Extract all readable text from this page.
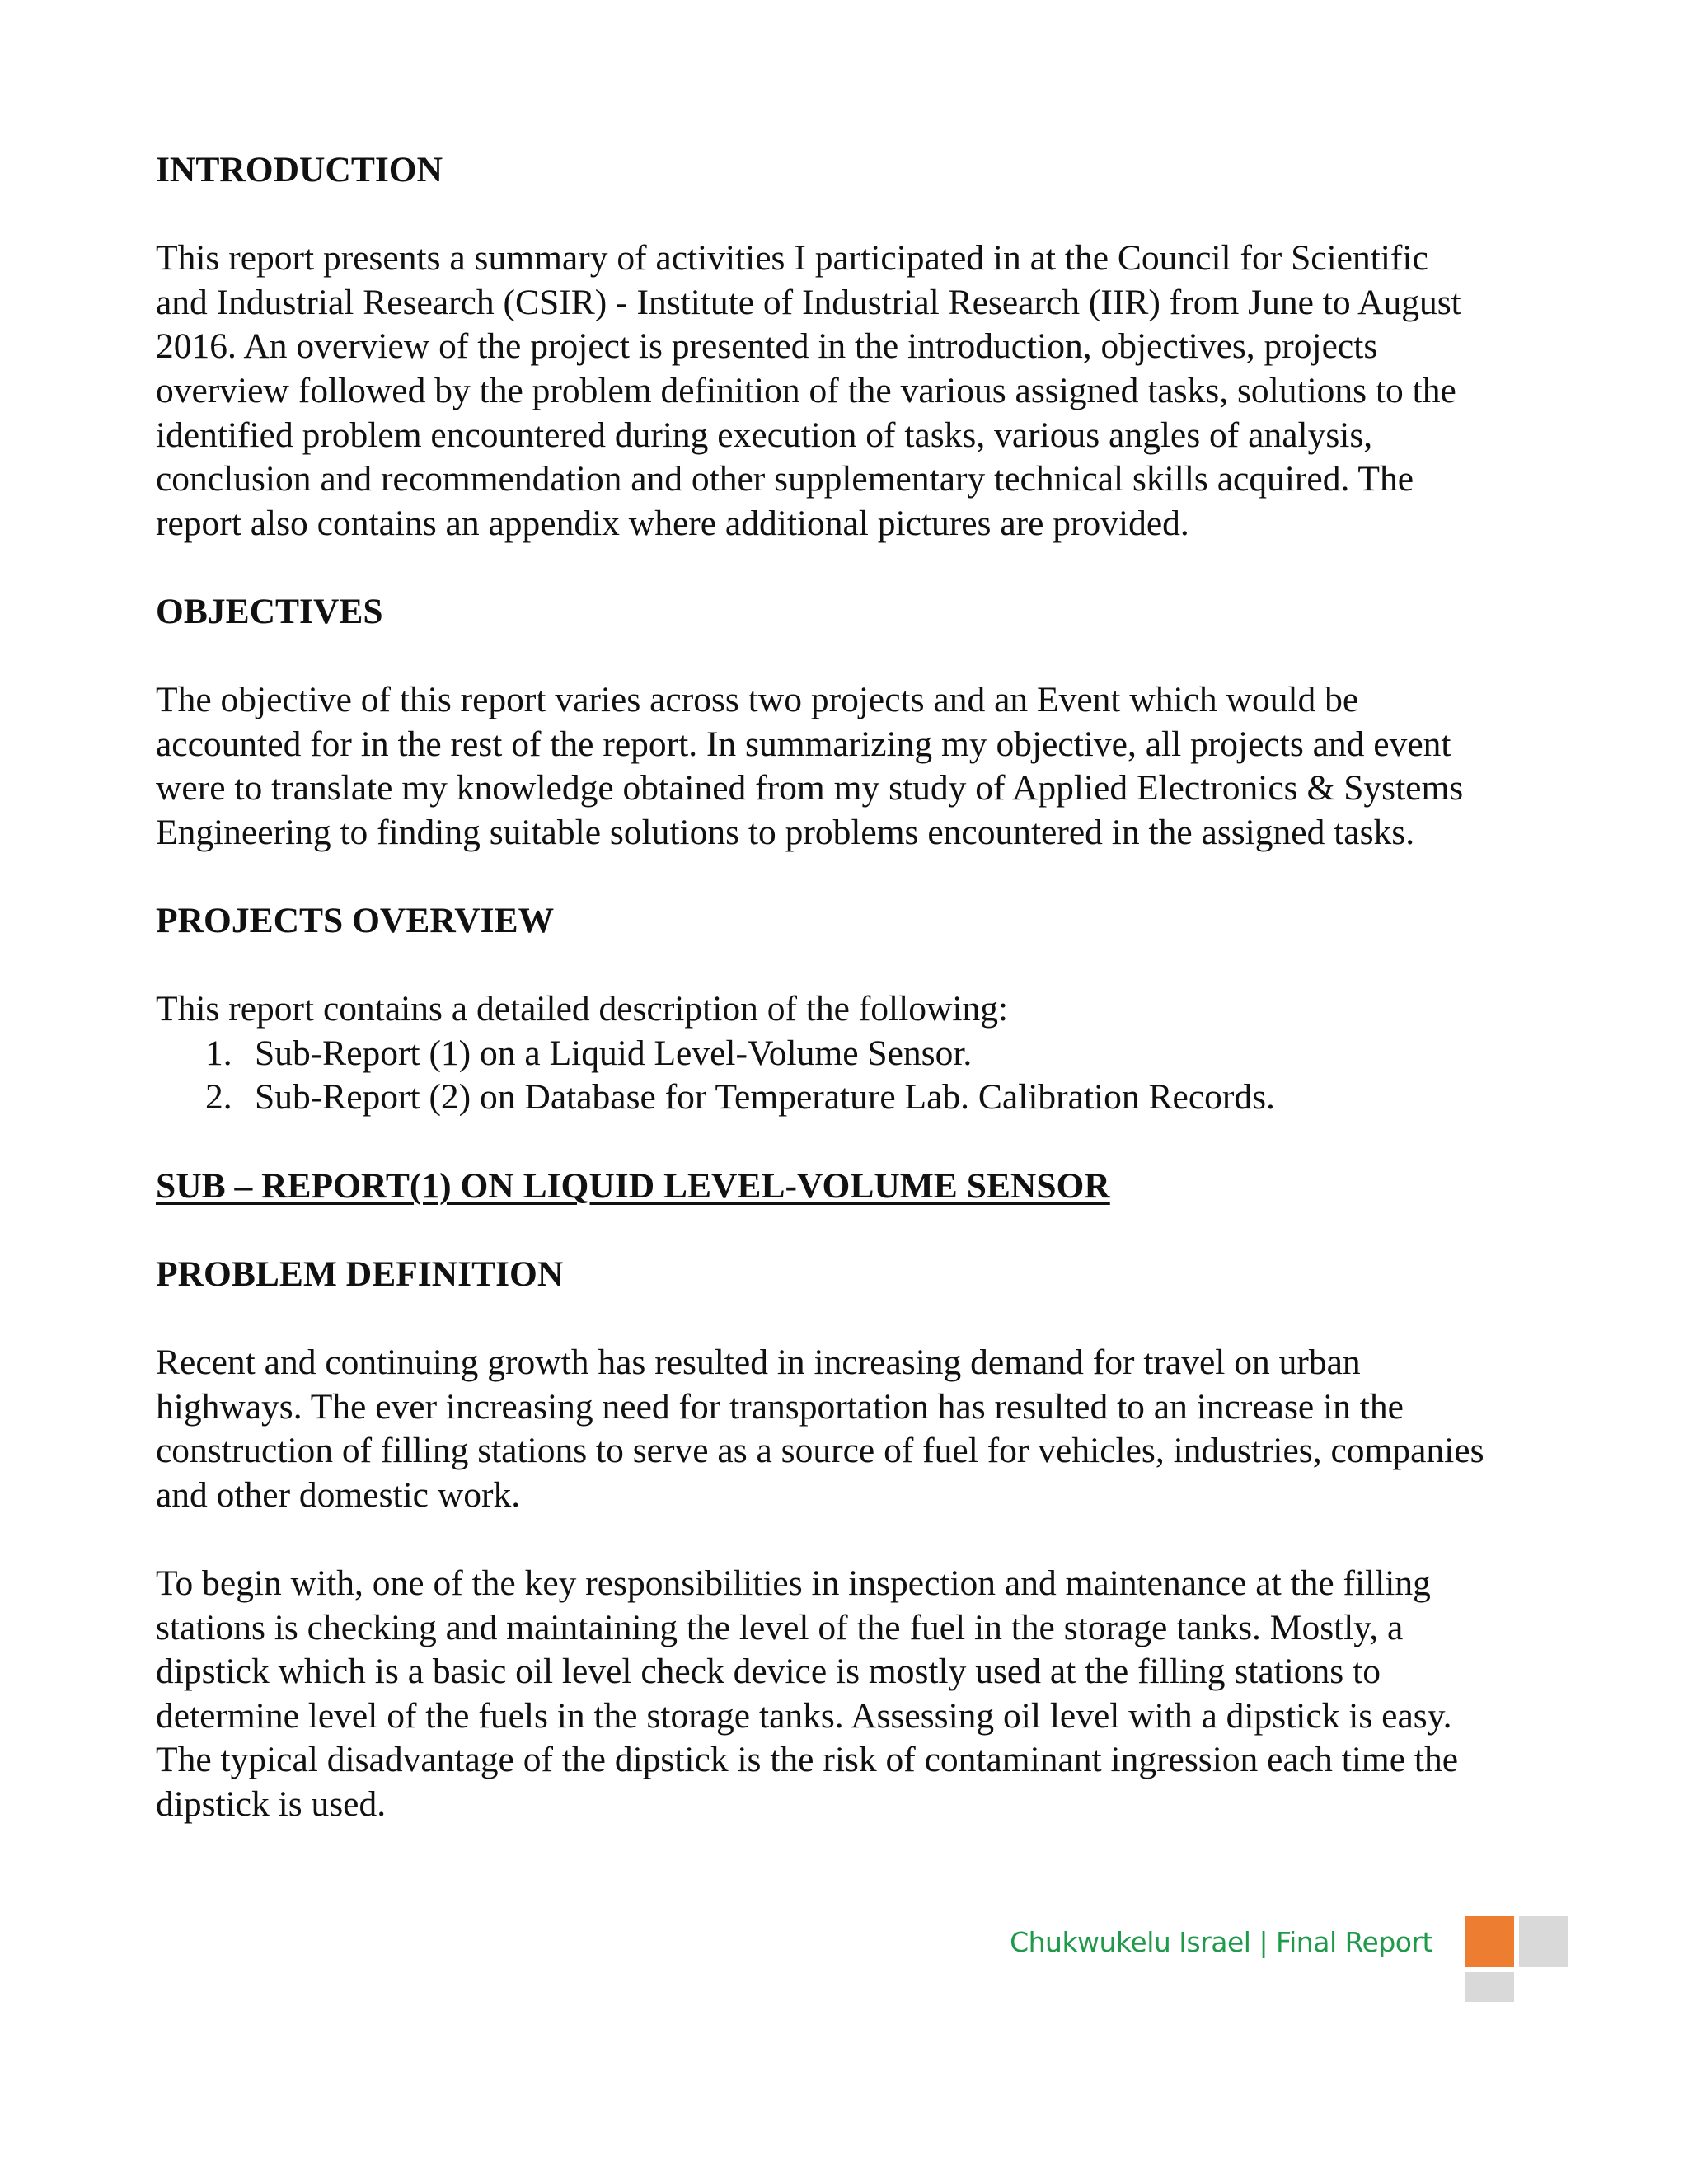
INTRODUCTION
This report presents a summary of activities I participated in at the Council for Scientific
and Industrial Research (CSIR) - Institute of Industrial Research (IIR) from June to August
2016. An overview of the project is presented in the introduction, objectives, projects
overview followed by the problem definition of the various assigned tasks, solutions to the
identified problem encountered during execution of tasks, various angles of analysis,
conclusion and recommendation and other supplementary technical skills acquired. The
report also contains an appendix where additional pictures are provided.
OBJECTIVES
The objective of this report varies across two projects and an Event which would be
accounted for in the rest of the report. In summarizing my objective, all projects and event
were to translate my knowledge obtained from my study of Applied Electronics & Systems
Engineering to finding suitable solutions to problems encountered in the assigned tasks.
PROJECTS OVERVIEW
This report contains a detailed description of the following:
1. Sub-Report (1) on a Liquid Level-Volume Sensor.
2. Sub-Report (2) on Database for Temperature Lab. Calibration Records.
SUB – REPORT(1) ON LIQUID LEVEL-VOLUME SENSOR
PROBLEM DEFINITION
Recent and continuing growth has resulted in increasing demand for travel on urban
highways. The ever increasing need for transportation has resulted to an increase in the
construction of filling stations to serve as a source of fuel for vehicles, industries, companies
and other domestic work.
To begin with, one of the key responsibilities in inspection and maintenance at the filling
stations is checking and maintaining the level of the fuel in the storage tanks. Mostly, a
dipstick which is a basic oil level check device is mostly used at the filling stations to
determine level of the fuels in the storage tanks. Assessing oil level with a dipstick is easy.
The typical disadvantage of the dipstick is the risk of contaminant ingression each time the
dipstick is used.
Chukwukelu Israel | Final Report
